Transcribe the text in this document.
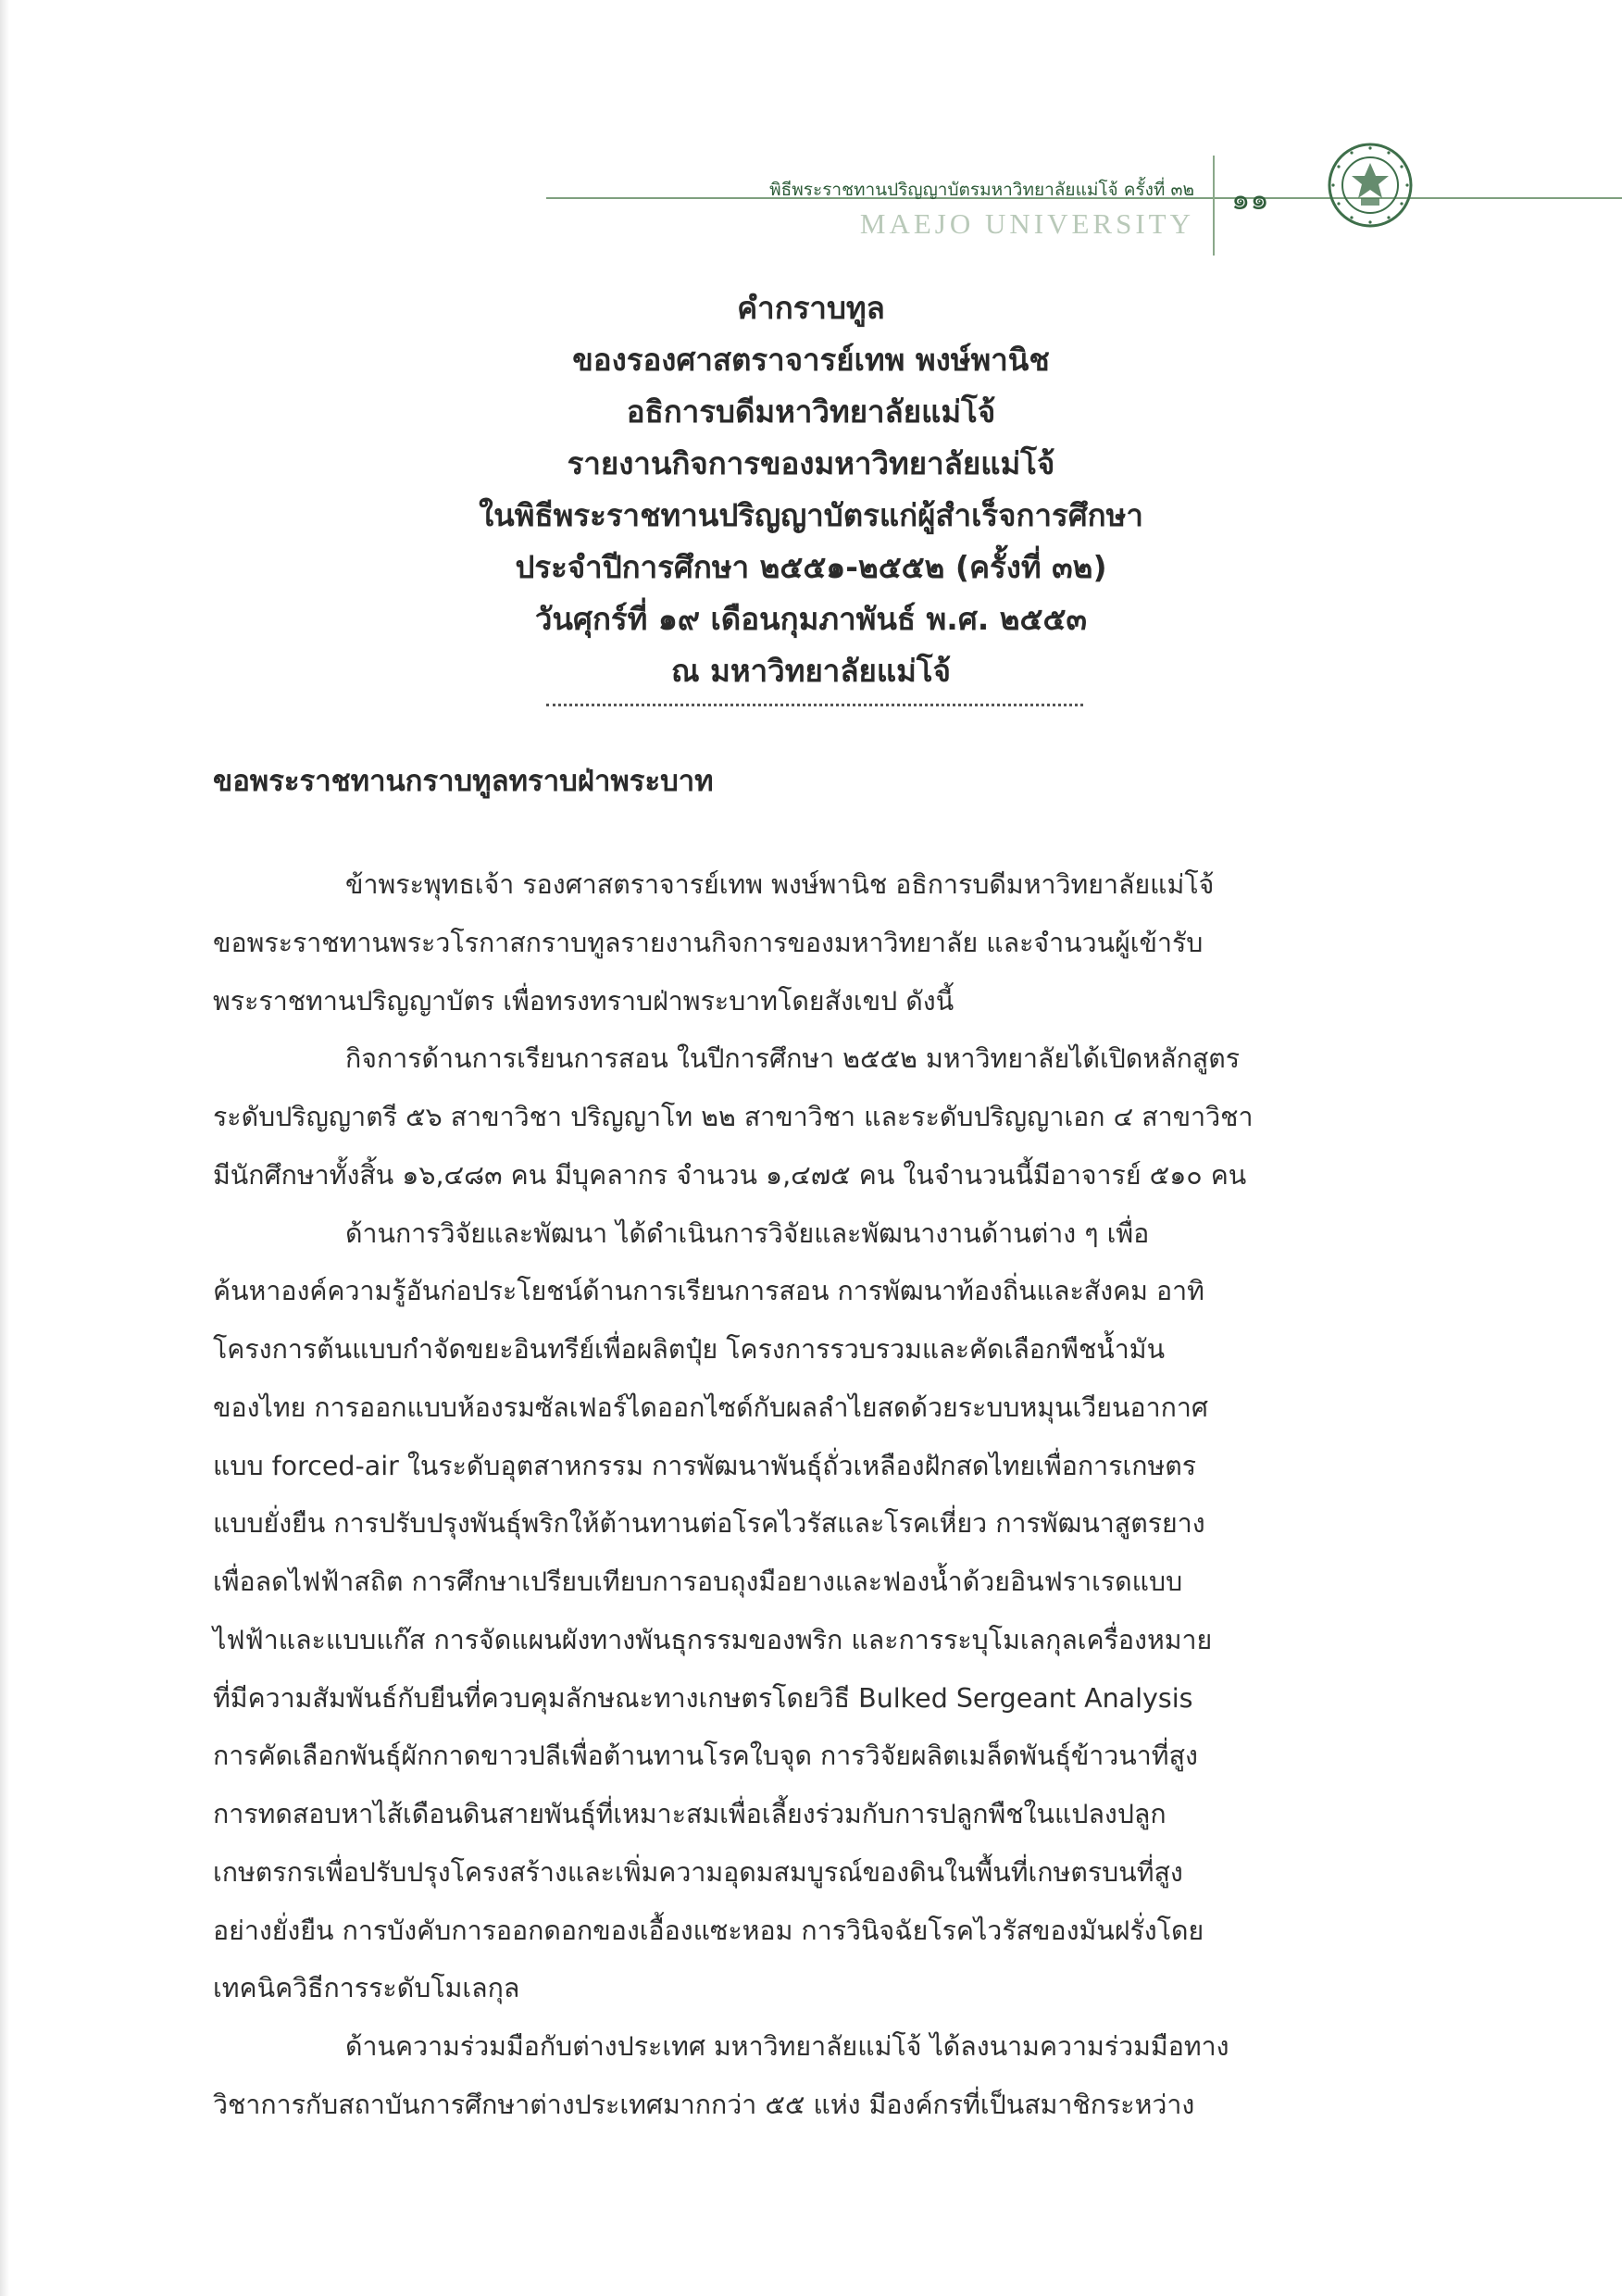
พิธีพระราชทานปริญญาบัตรมหาวิทยาลัยแม่โจ้ ครั้งที่ ๓๒
MAEJO UNIVERSITY
๑๑
คำกราบทูล
ของรองศาสตราจารย์เทพ พงษ์พานิช
อธิการบดีมหาวิทยาลัยแม่โจ้
รายงานกิจการของมหาวิทยาลัยแม่โจ้
ในพิธีพระราชทานปริญญาบัตรแก่ผู้สำเร็จการศึกษา
ประจำปีการศึกษา ๒๕๕๑-๒๕๕๒ (ครั้งที่ ๓๒)
วันศุกร์ที่ ๑๙ เดือนกุมภาพันธ์ พ.ศ. ๒๕๕๓
ณ มหาวิทยาลัยแม่โจ้
ขอพระราชทานกราบทูลทราบฝ่าพระบาท
ข้าพระพุทธเจ้า รองศาสตราจารย์เทพ พงษ์พานิช อธิการบดีมหาวิทยาลัยแม่โจ้
ขอพระราชทานพระวโรกาสกราบทูลรายงานกิจการของมหาวิทยาลัย และจำนวนผู้เข้ารับ
พระราชทานปริญญาบัตร เพื่อทรงทราบฝ่าพระบาทโดยสังเขป ดังนี้
กิจการด้านการเรียนการสอน ในปีการศึกษา ๒๕๕๒ มหาวิทยาลัยได้เปิดหลักสูตร
ระดับปริญญาตรี ๕๖ สาขาวิชา ปริญญาโท ๒๒ สาขาวิชา และระดับปริญญาเอก ๔ สาขาวิชา
มีนักศึกษาทั้งสิ้น ๑๖,๔๘๓ คน มีบุคลากร จำนวน ๑,๔๗๕ คน ในจำนวนนี้มีอาจารย์ ๕๑๐ คน
ด้านการวิจัยและพัฒนา ได้ดำเนินการวิจัยและพัฒนางานด้านต่าง ๆ เพื่อ
ค้นหาองค์ความรู้อันก่อประโยชน์ด้านการเรียนการสอน การพัฒนาท้องถิ่นและสังคม อาทิ
โครงการต้นแบบกำจัดขยะอินทรีย์เพื่อผลิตปุ๋ย โครงการรวบรวมและคัดเลือกพืชน้ำมัน
ของไทย การออกแบบห้องรมซัลเฟอร์ไดออกไซด์กับผลลำไยสดด้วยระบบหมุนเวียนอากาศ
แบบ forced-air ในระดับอุตสาหกรรม การพัฒนาพันธุ์ถั่วเหลืองฝักสดไทยเพื่อการเกษตร
แบบยั่งยืน การปรับปรุงพันธุ์พริกให้ต้านทานต่อโรคไวรัสและโรคเหี่ยว การพัฒนาสูตรยาง
เพื่อลดไฟฟ้าสถิต การศึกษาเปรียบเทียบการอบถุงมือยางและฟองน้ำด้วยอินฟราเรดแบบ
ไฟฟ้าและแบบแก๊ส การจัดแผนผังทางพันธุกรรมของพริก และการระบุโมเลกุลเครื่องหมาย
ที่มีความสัมพันธ์กับยีนที่ควบคุมลักษณะทางเกษตรโดยวิธี Bulked Sergeant Analysis
การคัดเลือกพันธุ์ผักกาดขาวปลีเพื่อต้านทานโรคใบจุด การวิจัยผลิตเมล็ดพันธุ์ข้าวนาที่สูง
การทดสอบหาไส้เดือนดินสายพันธุ์ที่เหมาะสมเพื่อเลี้ยงร่วมกับการปลูกพืชในแปลงปลูก
เกษตรกรเพื่อปรับปรุงโครงสร้างและเพิ่มความอุดมสมบูรณ์ของดินในพื้นที่เกษตรบนที่สูง
อย่างยั่งยืน การบังคับการออกดอกของเอื้องแซะหอม การวินิจฉัยโรคไวรัสของมันฝรั่งโดย
เทคนิควิธีการระดับโมเลกุล
ด้านความร่วมมือกับต่างประเทศ มหาวิทยาลัยแม่โจ้ ได้ลงนามความร่วมมือทาง
วิชาการกับสถาบันการศึกษาต่างประเทศมากกว่า ๕๕ แห่ง มีองค์กรที่เป็นสมาชิกระหว่าง
